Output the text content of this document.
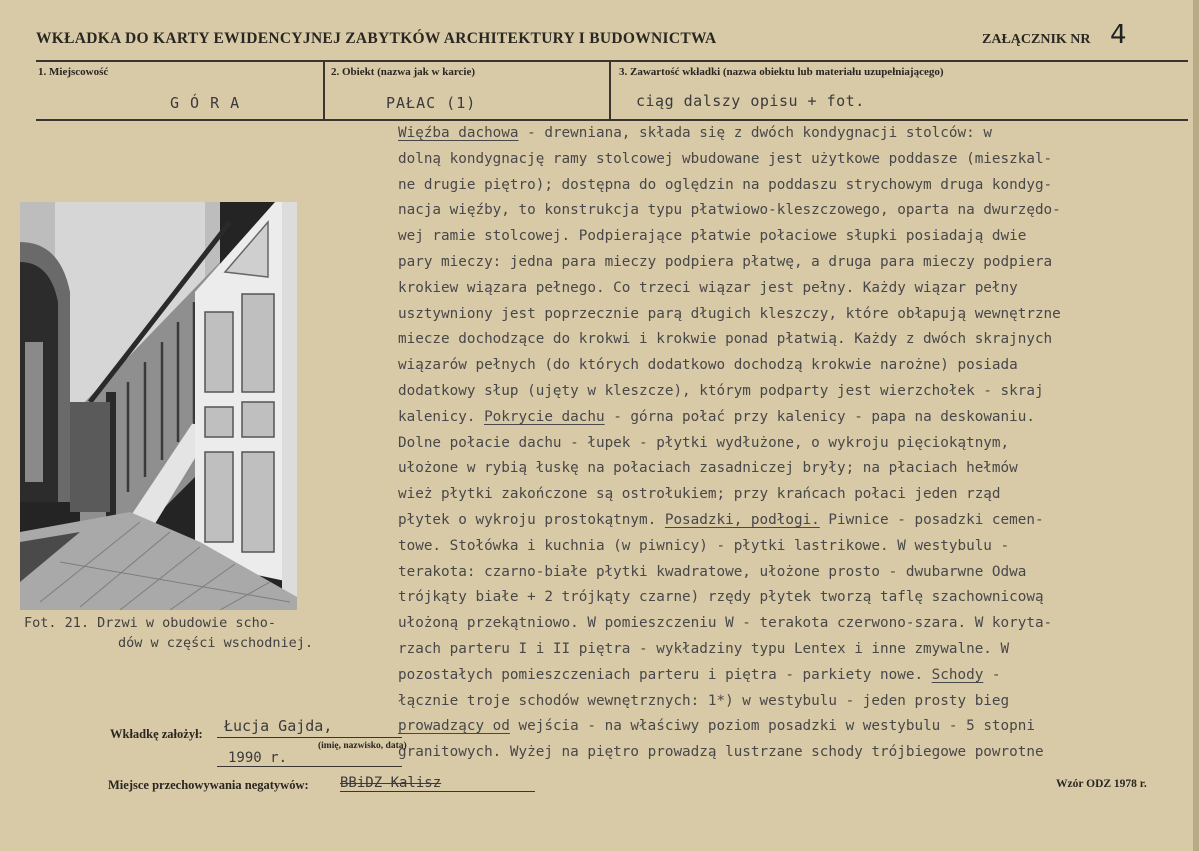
WKŁADKA DO KARTY EWIDENCYJNEJ ZABYTKÓW ARCHITEKTURY I BUDOWNICTWA	ZAŁĄCZNIK NR 4
1. Miejscowość
G Ó R A
2. Obiekt (nazwa jak w karcie)
PAŁAC (1)
3. Zawartość wkładki (nazwa obiektu lub materiału uzupełniającego)
ciąg dalszy opisu + fot.
Więźba dachowa - drewniana, składa się z dwóch kondygnacji stolców: w
dolną kondygnację ramy stolcowej wbudowane jest użytkowe poddasze (mieszkal-
ne drugie piętro); dostępna do oględzin na poddaszu strychowym druga kondyg-
nacja więźby, to konstrukcja typu płatwiowo-kleszczowego, oparta na dwurzędo-
wej ramie stolcowej. Podpierające płatwie połaciowe słupki posiadają dwie
pary mieczy: jedna para mieczy podpiera płatwę, a druga para mieczy podpiera
krokiew wiązara pełnego. Co trzeci wiązar jest pełny. Każdy wiązar pełny
usztywniony jest poprzecznie parą długich kleszczy, które obłapują wewnętrzne
miecze dochodzące do krokwi i krokwie ponad płatwią. Każdy z dwóch skrajnych
wiązarów pełnych (do których dodatkowo dochodzą krokwie narożne) posiada
dodatkowy słup (ujęty w kleszcze), którym podparty jest wierzchołek - skraj
kalenicy. Pokrycie dachu - górna połać przy kalenicy - papa na deskowaniu.
Dolne połacie dachu - łupek - płytki wydłużone, o wykroju pięciokątnym,
ułożone w rybią łuskę na połaciach zasadniczej bryły; na płaciach hełmów
wież płytki zakończone są ostrołukiem; przy krańcach połaci jeden rząd
płytek o wykroju prostokątnym. Posadzki, podłogi. Piwnice - posadzki cemen-
towe. Stołówka i kuchnia (w piwnicy) - płytki lastrikowe. W westybulu -
terakota: czarno-białe płytki kwadratowe, ułożone prosto - dwubarwne Odwa
trójkąty białe + 2 trójkąty czarne) rzędy płytek tworzą taflę szachownicową
ułożoną przekątniowo. W pomieszczeniu W - terakota czerwono-szara. W koryta-
rzach parteru I i II piętra - wykładziny typu Lentex i inne zmywalne. W
pozostałych pomieszczeniach parteru i piętra - parkiety nowe. Schody -
łącznie troje schodów wewnętrznych: 1*) w westybulu - jeden prosty bieg
prowadzący od wejścia - na właściwy poziom posadzki w westybulu - 5 stopni
granitowych. Wyżej na piętro prowadzą lustrzane schody trójbiegowe powrotne
Fot. 21. Drzwi w obudowie scho-
dów w części wschodniej.
Wkładkę założył: Łucja Gajda,
1990 r.
(imię, nazwisko, data)
Miejsce przechowywania negatywów: BBiDZ Kalisz	Wzór ODZ 1978 r.
